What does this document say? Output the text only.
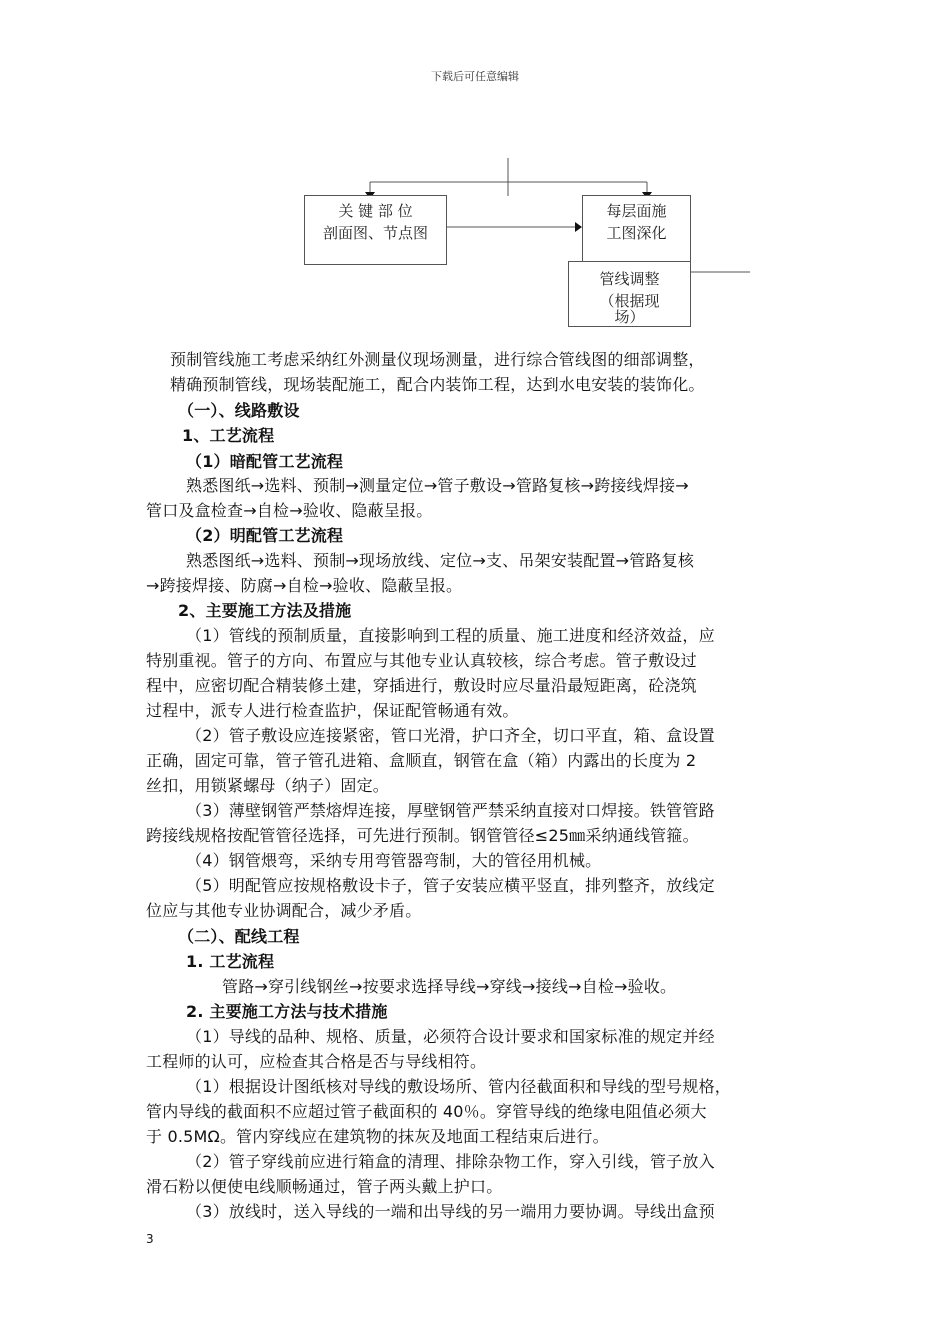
下载后可任意编辑
关 键 部 位
剖面图、节点图
每层面施
工图深化
管线调整
（根据现
场）
预制管线施工考虑采纳红外测量仪现场测量，进行综合管线图的细部调整，
精确预制管线，现场装配施工，配合内装饰工程，达到水电安装的装饰化。
（一）、线路敷设
1、工艺流程
（1）暗配管工艺流程
熟悉图纸→选料、预制→测量定位→管子敷设→管路复核→跨接线焊接→
管口及盒检查→自检→验收、隐蔽呈报。
（2）明配管工艺流程
熟悉图纸→选料、预制→现场放线、定位→支、吊架安装配置→管路复核
→跨接焊接、防腐→自检→验收、隐蔽呈报。
2、主要施工方法及措施
（1）管线的预制质量，直接影响到工程的质量、施工进度和经济效益，应
特别重视。管子的方向、布置应与其他专业认真较核，综合考虑。管子敷设过
程中，应密切配合精装修土建，穿插进行，敷设时应尽量沿最短距离，砼浇筑
过程中，派专人进行检查监护，保证配管畅通有效。
（2）管子敷设应连接紧密，管口光滑，护口齐全，切口平直，箱、盒设置
正确，固定可靠，管子管孔进箱、盒顺直，钢管在盒（箱）内露出的长度为 2
丝扣，用锁紧螺母（纳子）固定。
（3）薄壁钢管严禁熔焊连接，厚壁钢管严禁采纳直接对口焊接。铁管管路
跨接线规格按配管管径选择，可先进行预制。钢管管径≤25㎜采纳通线管箍。
（4）钢管煨弯，采纳专用弯管器弯制，大的管径用机械。
（5）明配管应按规格敷设卡子，管子安装应横平竖直，排列整齐，放线定
位应与其他专业协调配合，减少矛盾。
（二）、配线工程
1. 工艺流程
管路→穿引线钢丝→按要求选择导线→穿线→接线→自检→验收。
2. 主要施工方法与技术措施
（1）导线的品种、规格、质量，必须符合设计要求和国家标准的规定并经
工程师的认可，应检查其合格是否与导线相符。
（1）根据设计图纸核对导线的敷设场所、管内径截面积和导线的型号规格，
管内导线的截面积不应超过管子截面积的 40％。穿管导线的绝缘电阻值必须大
于 0.5MΩ。管内穿线应在建筑物的抹灰及地面工程结束后进行。
（2）管子穿线前应进行箱盒的清理、排除杂物工作，穿入引线，管子放入
滑石粉以便使电线顺畅通过，管子两头戴上护口。
（3）放线时，送入导线的一端和出导线的另一端用力要协调。导线出盒预
3
